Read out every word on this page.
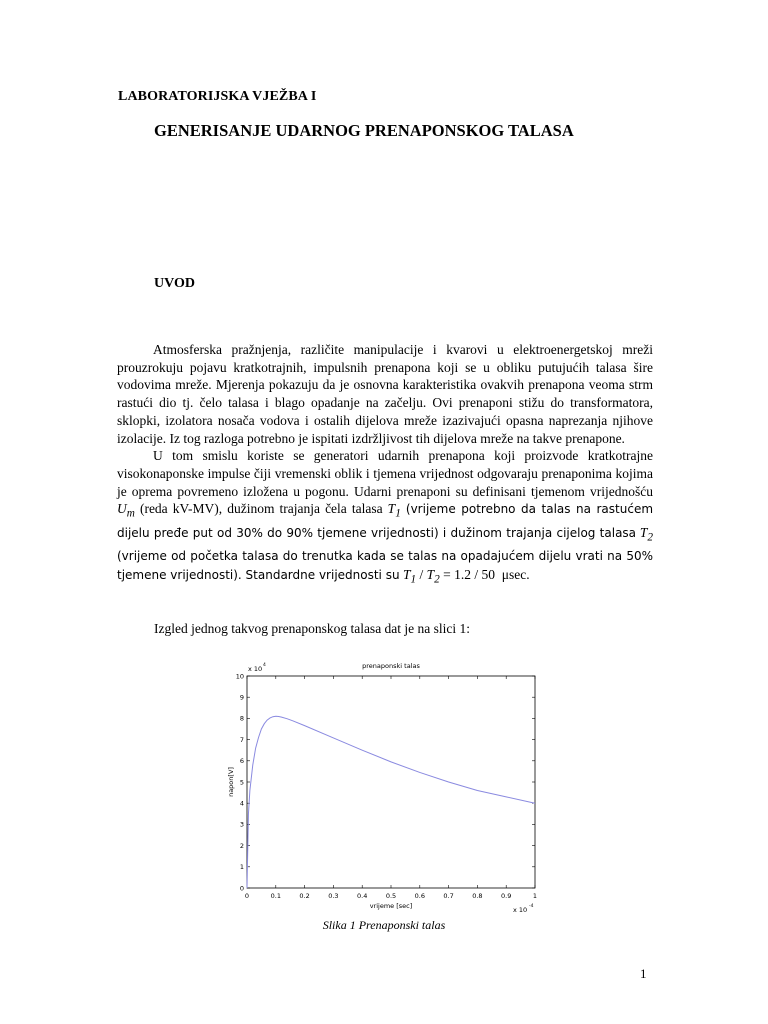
LABORATORIJSKA VJEŽBA I
GENERISANJE UDARNOG PRENAPONSKOG TALASA
UVOD

Atmosferska pražnjenja, različite manipulacije i kvarovi u elektroenergetskoj mreži prouzrokuju pojavu kratkotrajnih, impulsnih prenapona koji se u obliku putujućih talasa šire vodovima mreže. Mjerenja pokazuju da je osnovna karakteristika ovakvih prenapona veoma strm rastući dio tj. čelo talasa i blago opadanje na začelju. Ovi prenaponi stižu do transformatora, sklopki, izolatora nosača vodova i ostalih dijelova mreže izazivajući opasna naprezanja njihove izolacije. Iz tog razloga potrebno je ispitati izdržljivost tih dijelova mreže na takve prenapone.

U tom smislu koriste se generatori udarnih prenapona koji proizvode kratkotrajne visokonaponske impulse čiji vremenski oblik i tjemena vrijednost odgovaraju prenaponima kojima je oprema povremeno izložena u pogonu. Udarni prenaponi su definisani tjemenom vrijednošću $U_m$ (reda kV-MV), dužinom trajanja čela talasa $T_1$ (vrijeme potrebno da talas na rastućem dijelu pređe put od 30% do 90% tjemene vrijednosti) i dužinom trajanja cijelog talasa $T_2$ (vrijeme od početka talasa do trenutka kada se talas na opadajućem dijelu vrati na 50% tjemene vrijednosti). Standardne vrijednosti su $T_1 / T_2 = 1.2 / 50$ μsec.

Izgled jednog takvog prenaponskog talasa dat je na slici 1:
0	0.1	0.2	0.3	0.4	0.5	0.6	0.7	0.8	0.9	1
0
1
2
3
4
5
6
7
8
9
10
prenaponski talas
vrijeme [sec]
napon[V]
x 10 4
x 10 -4
Slika 1 Prenaponski talas
1
